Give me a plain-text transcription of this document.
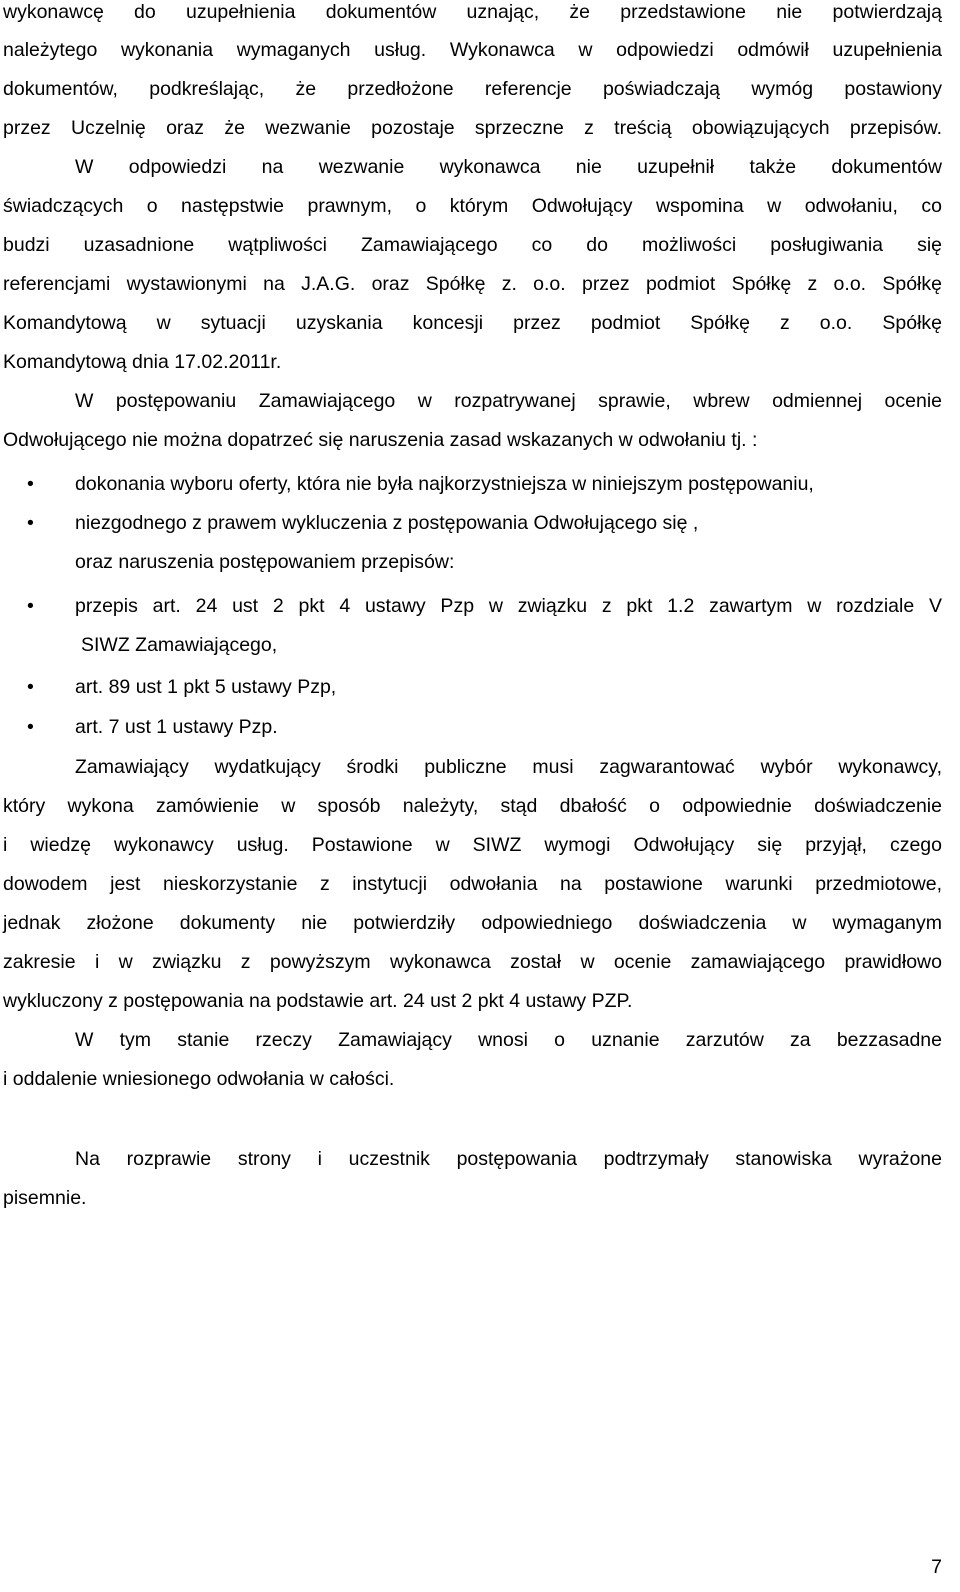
wykonawcę do uzupełnienia dokumentów uznając, że przedstawione nie potwierdzają
należytego wykonania wymaganych usług. Wykonawca w odpowiedzi odmówił uzupełnienia
dokumentów, podkreślając, że przedłożone referencje poświadczają wymóg postawiony
przez Uczelnię oraz że wezwanie pozostaje sprzeczne z treścią obowiązujących przepisów.
W odpowiedzi na wezwanie wykonawca nie uzupełnił także dokumentów
świadczących o następstwie prawnym, o którym Odwołujący wspomina w odwołaniu, co
budzi uzasadnione wątpliwości Zamawiającego co do możliwości posługiwania się
referencjami wystawionymi na J.A.G. oraz Spółkę z. o.o. przez podmiot Spółkę z o.o. Spółkę
Komandytową w sytuacji uzyskania koncesji przez podmiot Spółkę z o.o. Spółkę
Komandytową dnia 17.02.2011r.
W postępowaniu Zamawiającego w rozpatrywanej sprawie, wbrew odmiennej ocenie
Odwołującego nie można dopatrzeć się naruszenia zasad wskazanych w odwołaniu tj. :
• dokonania wyboru oferty, która nie była najkorzystniejsza w niniejszym postępowaniu,
• niezgodnego z prawem wykluczenia z postępowania Odwołującego się ,
oraz naruszenia postępowaniem przepisów:
• przepis art. 24 ust 2 pkt 4 ustawy Pzp w związku z pkt 1.2 zawartym w rozdziale V
SIWZ Zamawiającego,
• art. 89 ust 1 pkt 5 ustawy Pzp,
• art. 7 ust 1 ustawy Pzp.
Zamawiający wydatkujący środki publiczne musi zagwarantować wybór wykonawcy,
który wykona zamówienie w sposób należyty, stąd dbałość o odpowiednie doświadczenie
i wiedzę wykonawcy usług. Postawione w SIWZ wymogi Odwołujący się przyjął, czego
dowodem jest nieskorzystanie z instytucji odwołania na postawione warunki przedmiotowe,
jednak złożone dokumenty nie potwierdziły odpowiedniego doświadczenia w wymaganym
zakresie i w związku z powyższym wykonawca został w ocenie zamawiającego prawidłowo
wykluczony z postępowania na podstawie art. 24 ust 2 pkt 4 ustawy PZP.
W tym stanie rzeczy Zamawiający wnosi o uznanie zarzutów za bezzasadne
i oddalenie wniesionego odwołania w całości.
Na rozprawie strony i uczestnik postępowania podtrzymały stanowiska wyrażone
pisemnie.
7
